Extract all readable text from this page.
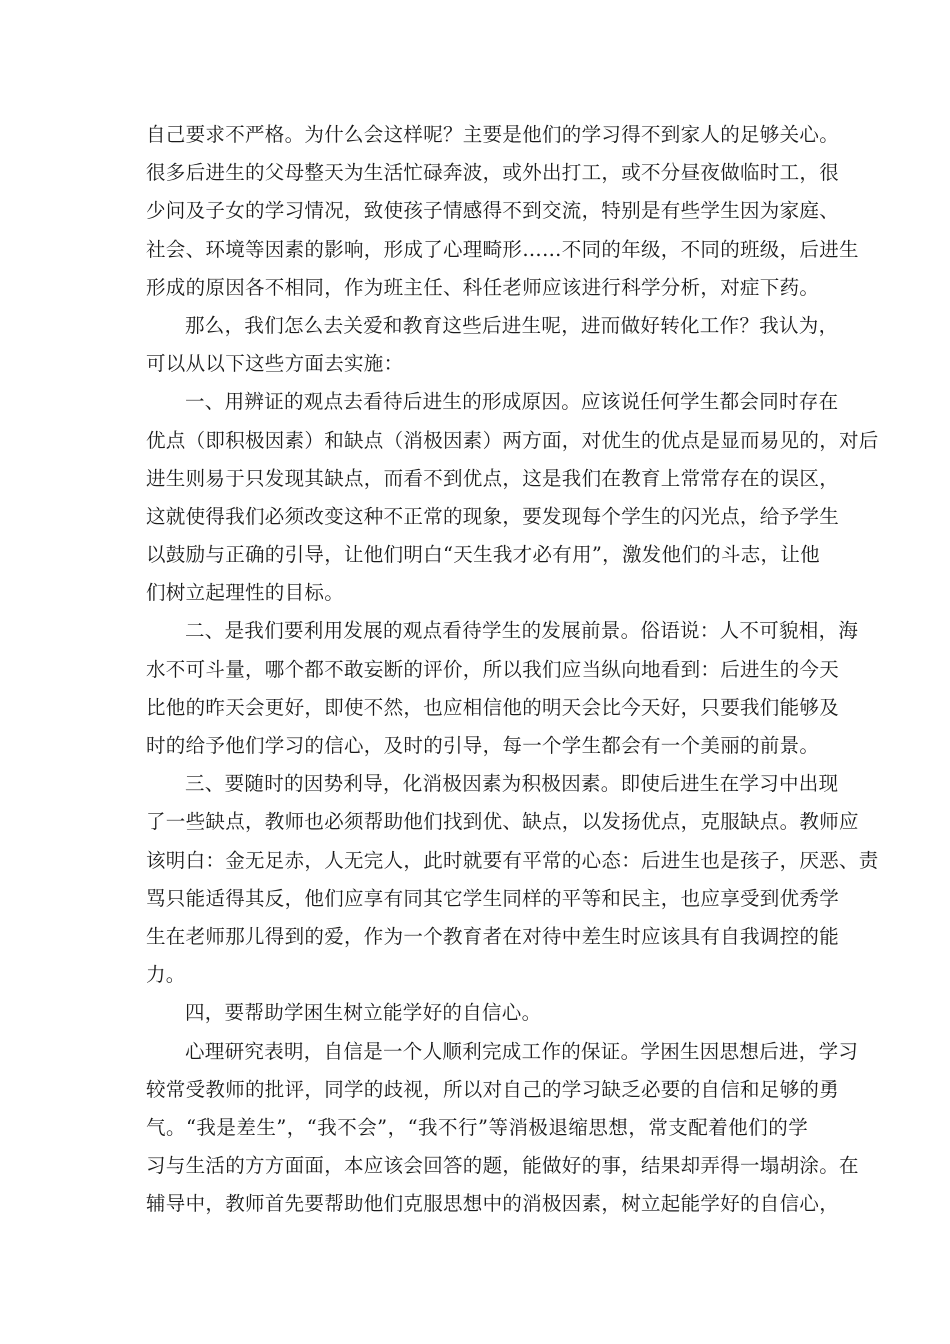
自己要求不严格。为什么会这样呢？主要是他们的学习得不到家人的足够关心。
很多后进生的父母整天为生活忙碌奔波，或外出打工，或不分昼夜做临时工，很
少问及子女的学习情况，致使孩子情感得不到交流，特别是有些学生因为家庭、
社会、环境等因素的影响，形成了心理畸形……不同的年级，不同的班级，后进生
形成的原因各不相同，作为班主任、科任老师应该进行科学分析，对症下药。
那么，我们怎么去关爱和教育这些后进生呢，进而做好转化工作？我认为，
可以从以下这些方面去实施：
一、用辨证的观点去看待后进生的形成原因。应该说任何学生都会同时存在
优点（即积极因素）和缺点（消极因素）两方面，对优生的优点是显而易见的，对后
进生则易于只发现其缺点，而看不到优点，这是我们在教育上常常存在的误区，
这就使得我们必须改变这种不正常的现象，要发现每个学生的闪光点，给予学生
以鼓励与正确的引导，让他们明白“天生我才必有用”，激发他们的斗志，让他
们树立起理性的目标。
二、是我们要利用发展的观点看待学生的发展前景。俗语说：人不可貌相，海
水不可斗量，哪个都不敢妄断的评价，所以我们应当纵向地看到：后进生的今天
比他的昨天会更好，即使不然，也应相信他的明天会比今天好，只要我们能够及
时的给予他们学习的信心，及时的引导，每一个学生都会有一个美丽的前景。
三、要随时的因势利导，化消极因素为积极因素。即使后进生在学习中出现
了一些缺点，教师也必须帮助他们找到优、缺点，以发扬优点，克服缺点。教师应
该明白：金无足赤，人无完人，此时就要有平常的心态：后进生也是孩子，厌恶、责
骂只能适得其反，他们应享有同其它学生同样的平等和民主，也应享受到优秀学
生在老师那儿得到的爱，作为一个教育者在对待中差生时应该具有自我调控的能
力。
四，要帮助学困生树立能学好的自信心。
心理研究表明，自信是一个人顺利完成工作的保证。学困生因思想后进，学习
较常受教师的批评，同学的歧视，所以对自己的学习缺乏必要的自信和足够的勇
气。“我是差生”，“我不会”，“我不行”等消极退缩思想，常支配着他们的学
习与生活的方方面面，本应该会回答的题，能做好的事，结果却弄得一塌胡涂。在
辅导中，教师首先要帮助他们克服思想中的消极因素，树立起能学好的自信心，
